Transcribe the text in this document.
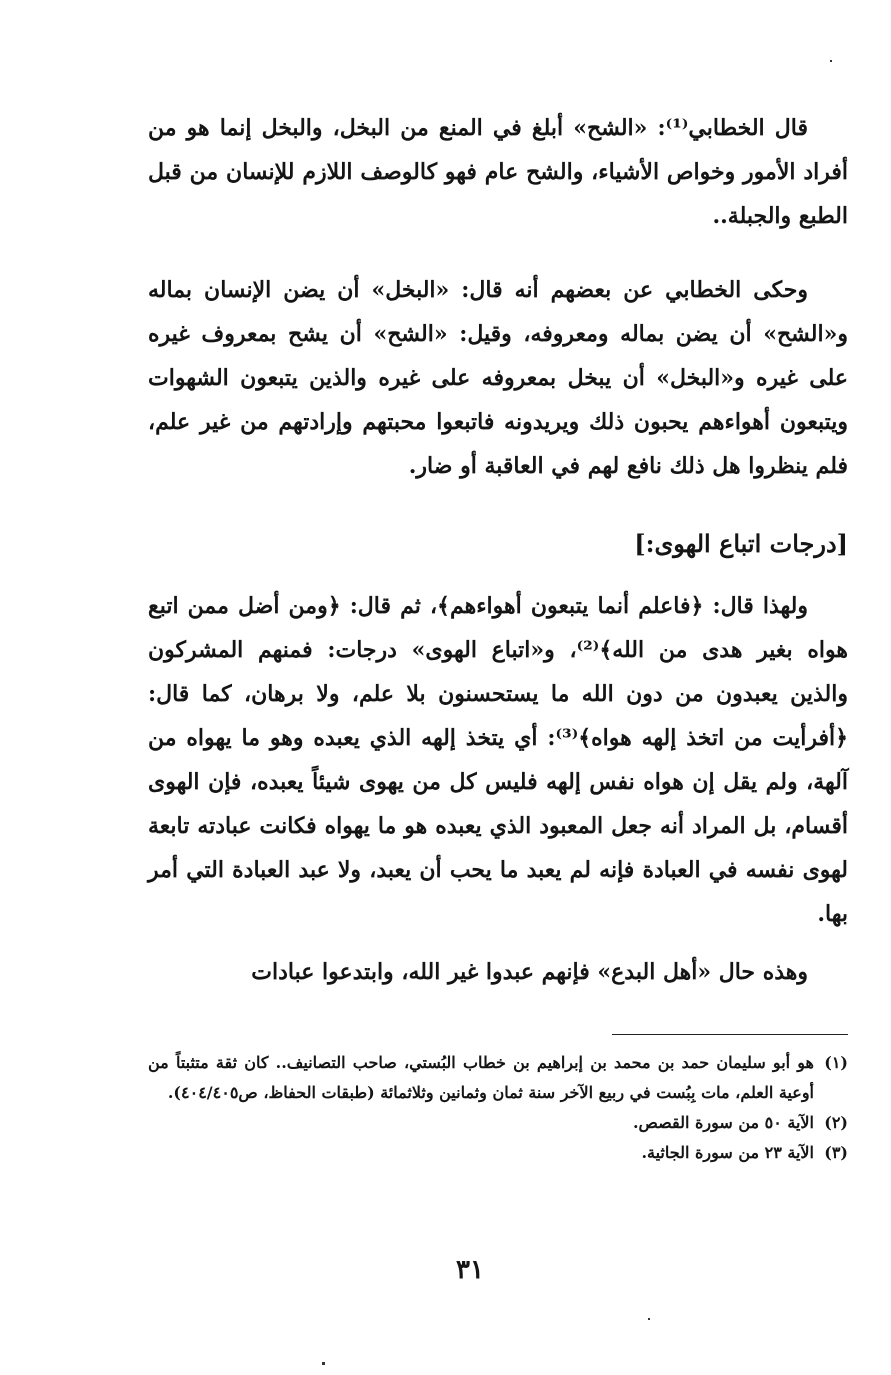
قال الخطابي⁽¹⁾: «الشح» أبلغ في المنع من البخل، والبخل إنما هو من أفراد الأمور وخواص الأشياء، والشح عام فهو كالوصف اللازم للإنسان من قبل الطبع والجبلة..

وحكى الخطابي عن بعضهم أنه قال: «البخل» أن يضن الإنسان بماله و«الشح» أن يضن بماله ومعروفه، وقيل: «الشح» أن يشح بمعروف غيره على غيره و«البخل» أن يبخل بمعروفه على غيره والذين يتبعون الشهوات ويتبعون أهواءهم يحبون ذلك ويريدونه فاتبعوا محبتهم وإرادتهم من غير علم، فلم ينظروا هل ذلك نافع لهم في العاقبة أو ضار.

[درجات اتباع الهوى:]

ولهذا قال: ﴿فاعلم أنما يتبعون أهواءهم﴾، ثم قال: ﴿ومن أضل ممن اتبع هواه بغير هدى من الله﴾⁽²⁾، و«اتباع الهوى» درجات: فمنهم المشركون والذين يعبدون من دون الله ما يستحسنون بلا علم، ولا برهان، كما قال: ﴿أفرأيت من اتخذ إلهه هواه﴾⁽³⁾: أي يتخذ إلهه الذي يعبده وهو ما يهواه من آلهة، ولم يقل إن هواه نفس إلهه فليس كل من يهوى شيئاً يعبده، فإن الهوى أقسام، بل المراد أنه جعل المعبود الذي يعبده هو ما يهواه فكانت عبادته تابعة لهوى نفسه في العبادة فإنه لم يعبد ما يحب أن يعبد، ولا عبد العبادة التي أمر بها.

وهذه حال «أهل البدع» فإنهم عبدوا غير الله، وابتدعوا عبادات

(١)
هو أبو سليمان حمد بن محمد بن إبراهيم بن خطاب البُستي، صاحب التصانيف.. كان ثقة متثبتاً من أوعية العلم، مات بِبُست في ربيع الآخر سنة ثمان وثمانين وثلاثمائة (طبقات الحفاظ، ص٤٠٤/٤٠٥).
(٢)
الآية ٥٠ من سورة القصص.
(٣)
الآية ٢٣ من سورة الجاثية.
٣١
